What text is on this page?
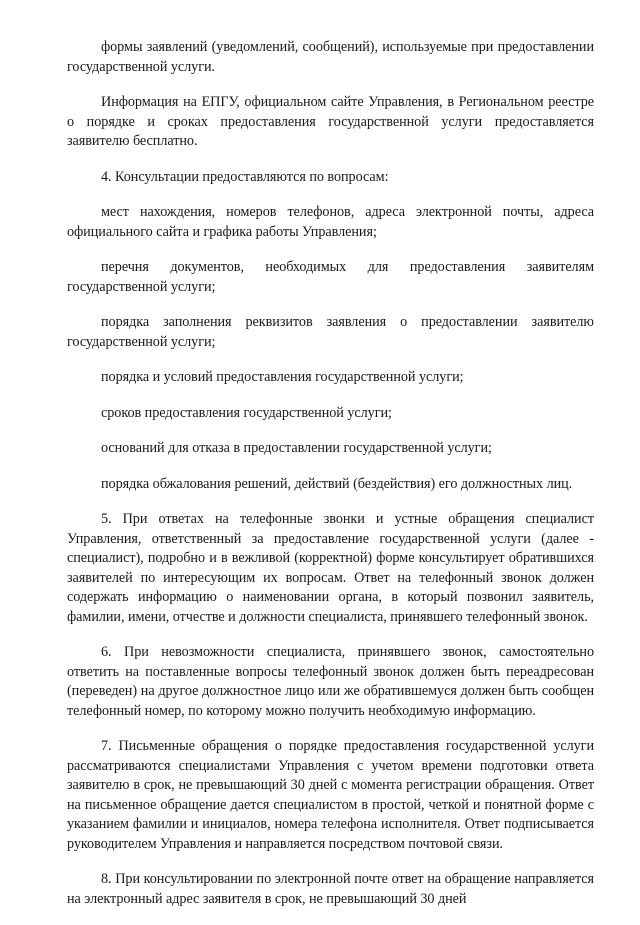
формы заявлений (уведомлений, сообщений), используемые при предоставлении государственной услуги.

Информация на ЕПГУ, официальном сайте Управления, в Региональном реестре о порядке и сроках предоставления государственной услуги предоставляется заявителю бесплатно.

4. Консультации предоставляются по вопросам:

мест нахождения, номеров телефонов, адреса электронной почты, адреса официального сайта и графика работы Управления;

перечня документов, необходимых для предоставления заявителям государственной услуги;

порядка заполнения реквизитов заявления о предоставлении заявителю государственной услуги;

порядка и условий предоставления государственной услуги;

сроков предоставления государственной услуги;

оснований для отказа в предоставлении государственной услуги;

порядка обжалования решений, действий (бездействия) его должностных лиц.

5. При ответах на телефонные звонки и устные обращения специалист Управления, ответственный за предоставление государственной услуги (далее - специалист), подробно и в вежливой (корректной) форме консультирует обратившихся заявителей по интересующим их вопросам. Ответ на телефонный звонок должен содержать информацию о наименовании органа, в который позвонил заявитель, фамилии, имени, отчестве и должности специалиста, принявшего телефонный звонок.

6. При невозможности специалиста, принявшего звонок, самостоятельно ответить на поставленные вопросы телефонный звонок должен быть переадресован (переведен) на другое должностное лицо или же обратившемуся должен быть сообщен телефонный номер, по которому можно получить необходимую информацию.

7. Письменные обращения о порядке предоставления государственной услуги рассматриваются специалистами Управления с учетом времени подготовки ответа заявителю в срок, не превышающий 30 дней с момента регистрации обращения. Ответ на письменное обращение дается специалистом в простой, четкой и понятной форме с указанием фамилии и инициалов, номера телефона исполнителя. Ответ подписывается руководителем Управления и направляется посредством почтовой связи.

8. При консультировании по электронной почте ответ на обращение направляется на электронный адрес заявителя в срок, не превышающий 30 дней
